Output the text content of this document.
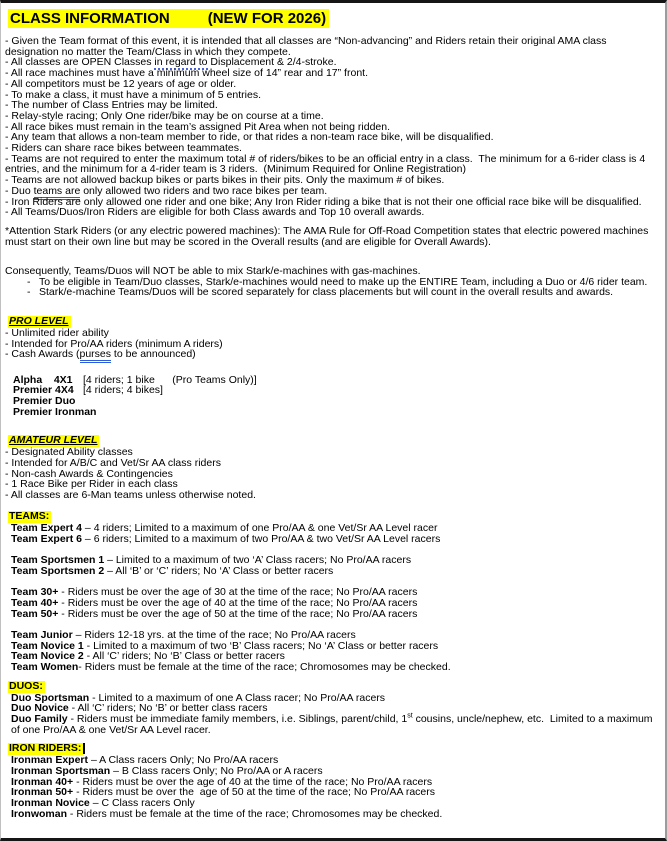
CLASS INFORMATION	(NEW FOR 2026)
- Given the Team format of this event, it is intended that all classes are “Non-advancing” and Riders retain their original AMA class designation no matter the Team/Class in which they compete.
- All classes are OPEN Classes in regard to Displacement & 2/4-stroke.
- All race machines must have a minimum wheel size of 14” rear and 17” front.
- All competitors must be 12 years of age or older.
- To make a class, it must have a minimum of 5 entries.
- The number of Class Entries may be limited.
- Relay-style racing; Only One rider/bike may be on course at a time.
- All race bikes must remain in the team’s assigned Pit Area when not being ridden.
- Any team that allows a non-team member to ride, or that rides a non-team race bike, will be disqualified.
- Riders can share race bikes between teammates.
- Teams are not required to enter the maximum total # of riders/bikes to be an official entry in a class.  The minimum for a 6-rider class is 4 entries, and the minimum for a 4-rider team is 3 riders.  (Minimum Required for Online Registration)
- Teams are not allowed backup bikes or parts bikes in their pits. Only the maximum # of bikes.
- Duo teams are only allowed two riders and two race bikes per team.
- Iron Riders are only allowed one rider and one bike; Any Iron Rider riding a bike that is not their one official race bike will be disqualified.
- All Teams/Duos/Iron Riders are eligible for both Class awards and Top 10 overall awards.
*Attention Stark Riders (or any electric powered machines): The AMA Rule for Off-Road Competition states that electric powered machines must start on their own line but may be scored in the Overall results (and are eligible for Overall Awards).
Consequently, Teams/Duos will NOT be able to mix Stark/e-machines with gas-machines.
- To be eligible in Team/Duo classes, Stark/e-machines would need to make up the ENTIRE Team, including a Duo or 4/6 rider team.
- Stark/e-machine Teams/Duos will be scored separately for class placements but will count in the overall results and awards.
PRO LEVEL
- Unlimited rider ability
- Intended for Pro/AA riders (minimum A riders)
- Cash Awards (purses to be announced)
Alpha    4X1 [4 riders; 1 bike      (Pro Teams Only)]
Premier 4X4 [4 riders; 4 bikes]
Premier Duo
Premier Ironman
AMATEUR LEVEL
- Designated Ability classes
- Intended for A/B/C and Vet/Sr AA class riders
- Non-cash Awards & Contingencies
- 1 Race Bike per Rider in each class
- All classes are 6-Man teams unless otherwise noted.
TEAMS:
Team Expert 4 – 4 riders; Limited to a maximum of one Pro/AA & one Vet/Sr AA Level racer
Team Expert 6 – 6 riders; Limited to a maximum of two Pro/AA & two Vet/Sr AA Level racers
Team Sportsmen 1 – Limited to a maximum of two ‘A’ Class racers; No Pro/AA racers
Team Sportsmen 2 – All ‘B’ or ‘C’ riders; No ‘A’ Class or better racers
Team 30+ - Riders must be over the age of 30 at the time of the race; No Pro/AA racers
Team 40+ - Riders must be over the age of 40 at the time of the race; No Pro/AA racers
Team 50+ - Riders must be over the age of 50 at the time of the race; No Pro/AA racers
Team Junior – Riders 12-18 yrs. at the time of the race; No Pro/AA racers
Team Novice 1 - Limited to a maximum of two ‘B’ Class racers; No ‘A’ Class or better racers
Team Novice 2 - All ‘C’ riders; No ‘B’ Class or better racers
Team Women- Riders must be female at the time of the race; Chromosomes may be checked.
DUOS:
Duo Sportsman - Limited to a maximum of one A Class racer; No Pro/AA racers
Duo Novice - All ‘C’ riders; No ‘B’ or better class racers
Duo Family - Riders must be immediate family members, i.e. Siblings, parent/child, 1st cousins, uncle/nephew, etc.  Limited to a maximum of one Pro/AA & one Vet/Sr AA Level racer.
IRON RIDERS:
Ironman Expert – A Class racers Only; No Pro/AA racers
Ironman Sportsman – B Class racers Only; No Pro/AA or A racers
Ironman 40+ - Riders must be over the age of 40 at the time of the race; No Pro/AA racers
Ironman 50+ - Riders must be over the  age of 50 at the time of the race; No Pro/AA racers
Ironman Novice – C Class racers Only
Ironwoman - Riders must be female at the time of the race; Chromosomes may be checked.
